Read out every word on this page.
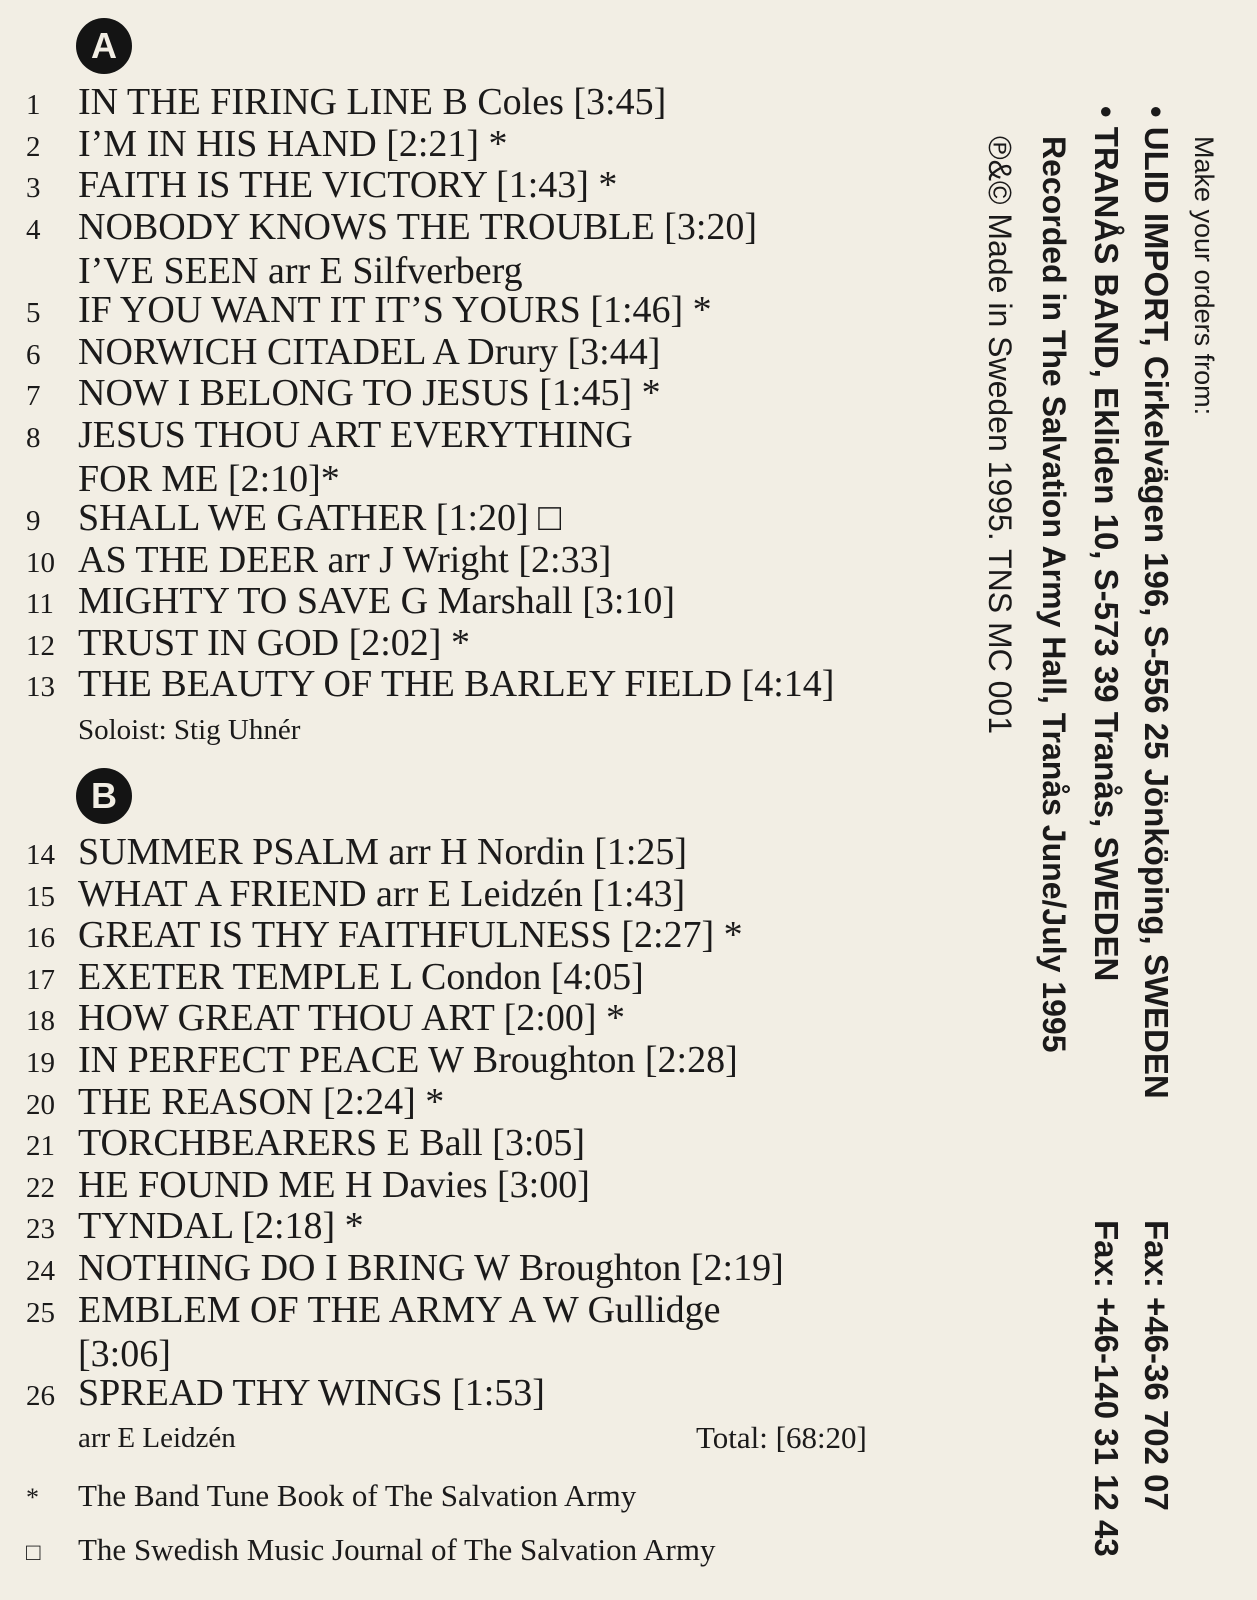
A
1 IN THE FIRING LINE B Coles [3:45]
2 I’M IN HIS HAND [2:21] *
3 FAITH IS THE VICTORY [1:43] *
4 NOBODY KNOWS THE TROUBLE [3:20]
I’VE SEEN arr E Silfverberg
5 IF YOU WANT IT IT’S YOURS [1:46] *
6 NORWICH CITADEL A Drury [3:44]
7 NOW I BELONG TO JESUS [1:45] *
8 JESUS THOU ART EVERYTHING
FOR ME [2:10]*
9 SHALL WE GATHER [1:20] □
10 AS THE DEER arr J Wright [2:33]
11 MIGHTY TO SAVE G Marshall [3:10]
12 TRUST IN GOD [2:02] *
13 THE BEAUTY OF THE BARLEY FIELD [4:14]
Soloist: Stig Uhnér
B
14 SUMMER PSALM arr H Nordin [1:25]
15 WHAT A FRIEND arr E Leidzén [1:43]
16 GREAT IS THY FAITHFULNESS [2:27] *
17 EXETER TEMPLE L Condon [4:05]
18 HOW GREAT THOU ART [2:00] *
19 IN PERFECT PEACE W Broughton [2:28]
20 THE REASON [2:24] *
21 TORCHBEARERS E Ball [3:05]
22 HE FOUND ME H Davies [3:00]
23 TYNDAL [2:18] *
24 NOTHING DO I BRING W Broughton [2:19]
25 EMBLEM OF THE ARMY A W Gullidge
[3:06]
26 SPREAD THY WINGS [1:53]
arr E Leidzén	Total: [68:20]
* The Band Tune Book of The Salvation Army
□ The Swedish Music Journal of The Salvation Army
Make your orders from:
• ULID IMPORT, Cirkelvägen 196, S-556 25 Jönköping, SWEDEN
Fax: +46-36 702 07
• TRANÅS BAND, Ekliden 10, S-573 39 Tranås, SWEDEN
Fax: +46-140 31 12 43
Recorded in The Salvation Army Hall, Tranås June/July 1995
℗&© Made in Sweden 1995. TNS MC 001
